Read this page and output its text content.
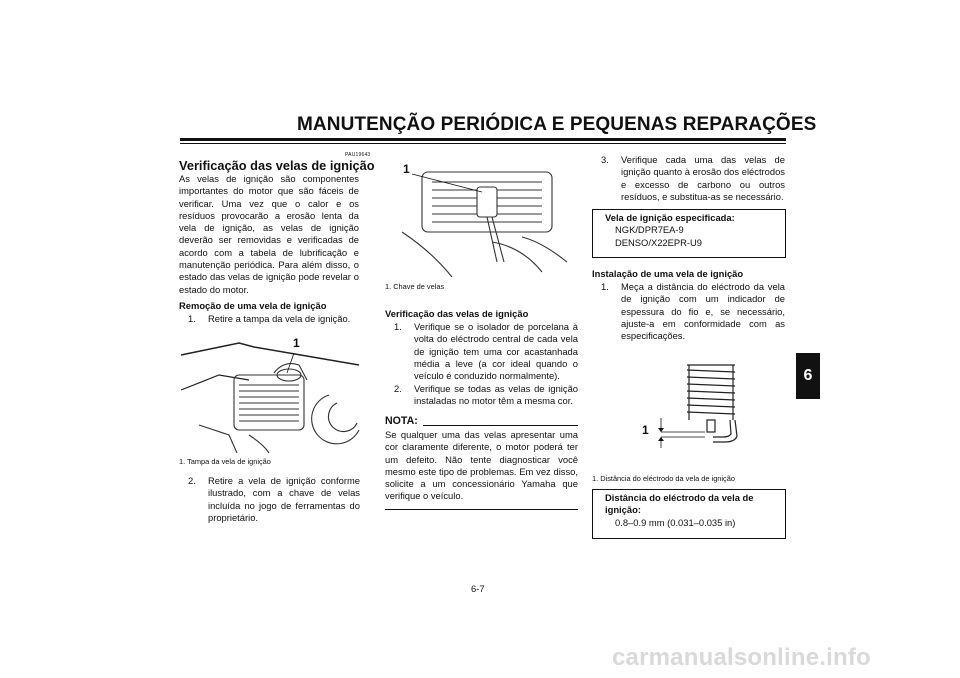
MANUTENÇÃO PERIÓDICA E PEQUENAS REPARAÇÕES
6
PAU19643
Verificação das velas de ignição
As velas de ignição são componentes importantes do motor que são fáceis de verificar. Uma vez que o calor e os resíduos provocarão a erosão lenta da vela de ignição, as velas de ignição deverão ser removidas e verificadas de acordo com a tabela de lubrificação e manutenção periódica. Para além disso, o estado das velas de ignição pode revelar o estado do motor.
Remoção de uma vela de ignição
1. Retire a tampa da vela de ignição.
1
1. Tampa da vela de ignição
2. Retire a vela de ignição conforme ilustrado, com a chave de velas incluída no jogo de ferramentas do proprietário.
1
1. Chave de velas
Verificação das velas de ignição
1. Verifique se o isolador de porcelana à volta do eléctrodo central de cada vela de ignição tem uma cor acastanhada média a leve (a cor ideal quando o veículo é conduzido normalmente).
2. Verifique se todas as velas de ignição instaladas no motor têm a mesma cor.
NOTA:
Se qualquer uma das velas apresentar uma cor claramente diferente, o motor poderá ter um defeito. Não tente diagnosticar você mesmo este tipo de problemas. Em vez disso, solicite a um concessionário Yamaha que verifique o veículo.
3. Verifique cada uma das velas de ignição quanto à erosão dos eléctrodos e excesso de carbono ou outros resíduos, e substitua-as se necessário.
Vela de ignição especificada:
NGK/DPR7EA-9
DENSO/X22EPR-U9
Instalação de uma vela de ignição
1. Meça a distância do eléctrodo da vela de ignição com um indicador de espessura do fio e, se necessário, ajuste-a em conformidade com as especificações.
1
1. Distância do eléctrodo da vela de ignição
Distância do eléctrodo da vela de ignição:
0.8–0.9 mm (0.031–0.035 in)
6-7
carmanualsonline.info
